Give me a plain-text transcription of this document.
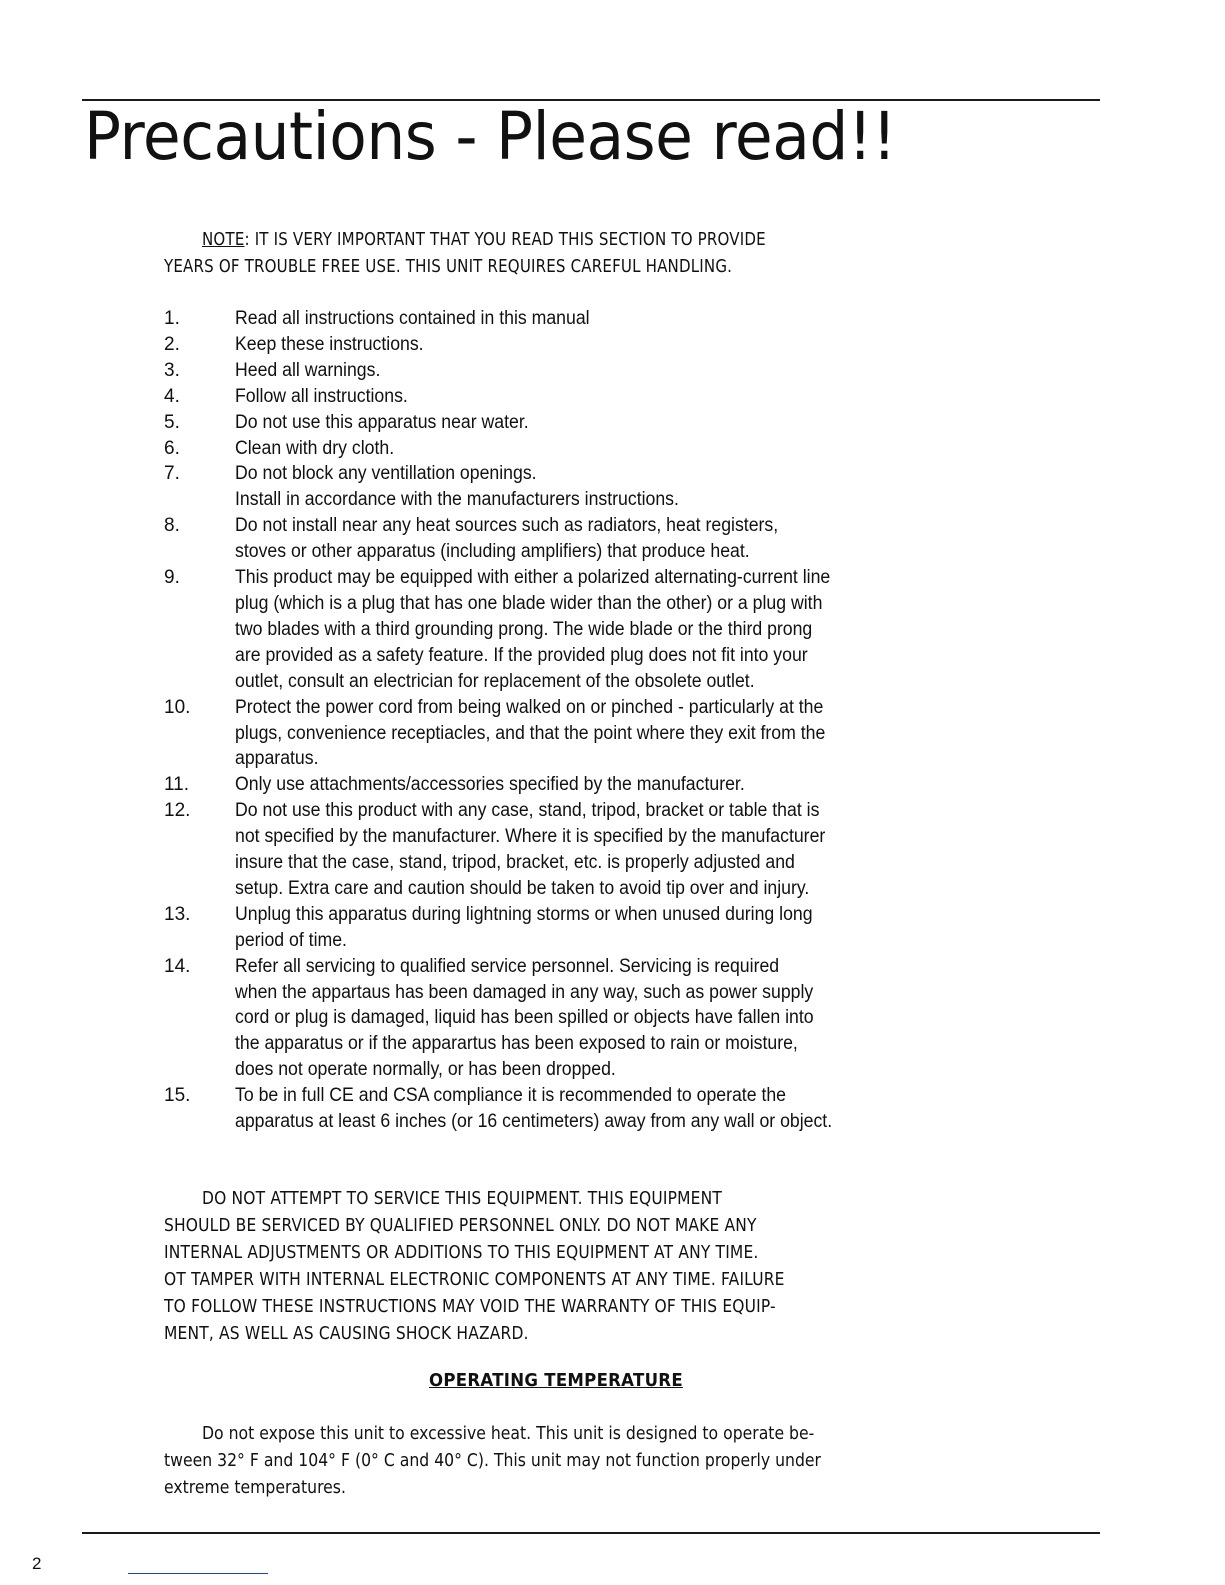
Precautions - Please read!!
NOTE: IT IS VERY IMPORTANT THAT YOU READ THIS SECTION TO PROVIDE
YEARS OF TROUBLE FREE USE. THIS UNIT REQUIRES CAREFUL HANDLING.
1.	Read all instructions contained in this manual
2.	Keep these instructions.
3.	Heed all warnings.
4.	Follow all instructions.
5.	Do not use this apparatus near water.
6.	Clean with dry cloth.
7.	Do not block any ventillation openings.
Install in accordance with the manufacturers instructions.
8.	Do not install near any heat sources such as radiators, heat registers,
stoves or other apparatus (including amplifiers) that produce heat.
9.	This product may be equipped with either a polarized alternating-current line
plug (which is a plug that has one blade wider than the other) or a plug with
two blades with a third grounding prong. The wide blade or the third prong
are provided as a safety feature. If the provided plug does not fit into your
outlet, consult an electrician for replacement of the obsolete outlet.
10.	Protect the power cord from being walked on or pinched - particularly at the
plugs, convenience receptiacles, and that the point where they exit from the
apparatus.
11.	Only use attachments/accessories specified by the manufacturer.
12.	Do not use this product with any case, stand, tripod, bracket or table that is
not specified by the manufacturer. Where it is specified by the manufacturer
insure that the case, stand, tripod, bracket, etc. is properly adjusted and
setup. Extra care and caution should be taken to avoid tip over and injury.
13.	Unplug this apparatus during lightning storms or when unused during long
period of time.
14.	Refer all servicing to qualified service personnel. Servicing is required
when the appartaus has been damaged in any way, such as power supply
cord or plug is damaged, liquid has been spilled or objects have fallen into
the apparatus or if the apparartus has been exposed to rain or moisture,
does not operate normally, or has been dropped.
15.	To be in full CE and CSA compliance it is recommended to operate the
apparatus at least 6 inches (or 16 centimeters) away from any wall or object.
DO NOT ATTEMPT TO SERVICE THIS EQUIPMENT. THIS EQUIPMENT
SHOULD BE SERVICED BY QUALIFIED PERSONNEL ONLY. DO NOT MAKE ANY
INTERNAL ADJUSTMENTS OR ADDITIONS TO THIS EQUIPMENT AT ANY TIME.
OT TAMPER WITH INTERNAL ELECTRONIC COMPONENTS AT ANY TIME. FAILURE
TO FOLLOW THESE INSTRUCTIONS MAY VOID THE WARRANTY OF THIS EQUIP-
MENT, AS WELL AS CAUSING SHOCK HAZARD.
OPERATING TEMPERATURE
Do not expose this unit to excessive heat. This unit is designed to operate be-
tween 32° F and 104° F (0° C and 40° C). This unit may not function properly under
extreme temperatures.
2
